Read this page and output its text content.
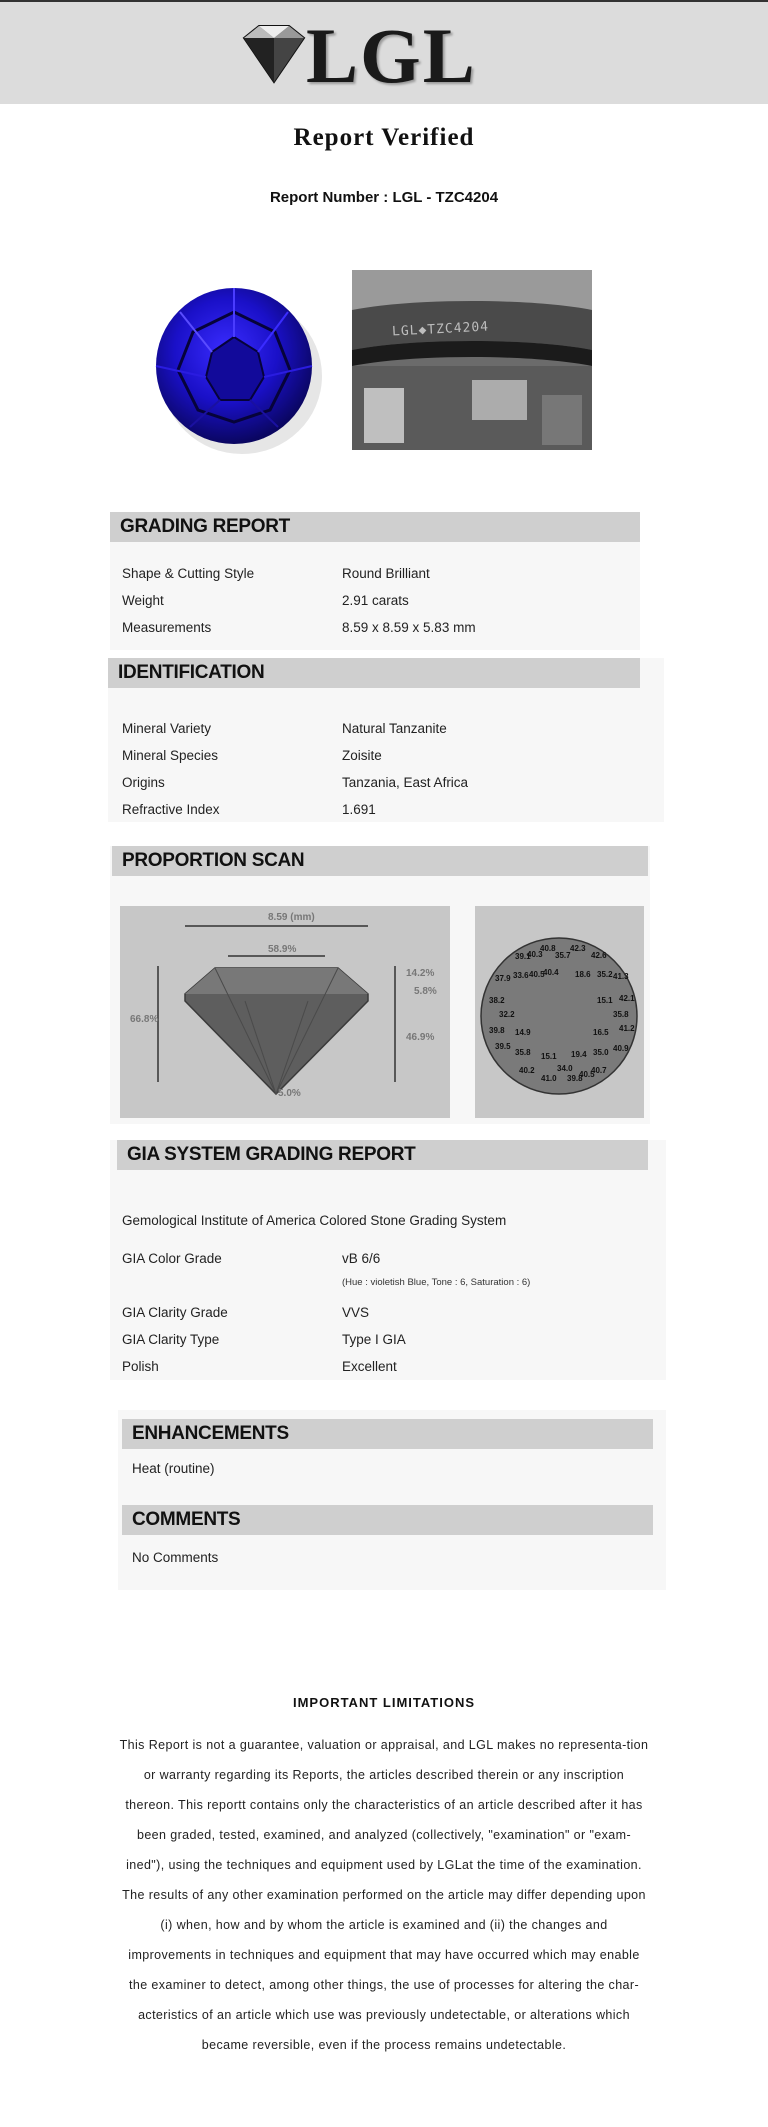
LGL
Report Verified
Report Number : LGL - TZC4204
LGL◆TZC4204
GRADING REPORT
Shape & Cutting Style	Round Brilliant
Weight	2.91 carats
Measurements	8.59 x 8.59 x 5.83 mm
IDENTIFICATION
Mineral Variety	Natural Tanzanite
Mineral Species	Zoisite
Origins	Tanzania, East Africa
Refractive Index	1.691
PROPORTION SCAN
8.59 (mm)
58.9%
66.8%
14.2%
5.8%
46.9%
5.0%
40.8 42.3
39.1
40.3 35.7	42.6
37.9 33.6 40.5
40.4 18.6 35.2 41.3
38.2	15.1 42.1
32.2	35.8
39.8 14.9	16.5 41.2
39.5
35.8 15.1 19.4 35.0 40.9
40.2	34.0 40.7
41.0 39.8
40.5
GIA SYSTEM GRADING REPORT
Gemological Institute of America Colored Stone Grading System
GIA Color Grade	vB 6/6
(Hue : violetish Blue, Tone : 6, Saturation : 6)
GIA Clarity Grade	VVS
GIA Clarity Type	Type I GIA
Polish	Excellent
ENHANCEMENTS
Heat (routine)
COMMENTS
No Comments
IMPORTANT LIMITATIONS
This Report is not a guarantee, valuation or appraisal, and LGL makes no representa-tion or warranty regarding its Reports, the articles described therein or any inscription thereon. This reportt contains only the characteristics of an article described after it has been graded, tested, examined, and analyzed (collectively, "examination" or "exam-ined"), using the techniques and equipment used by LGLat the time of the examination. The results of any other examination performed on the article may differ depending upon (i) when, how and by whom the article is examined and (ii) the changes and improvements in techniques and equipment that may have occurred which may enable the examiner to detect, among other things, the use of processes for altering the char-acteristics of an article which use was previously undetectable, or alterations which became reversible, even if the process remains undetectable.
